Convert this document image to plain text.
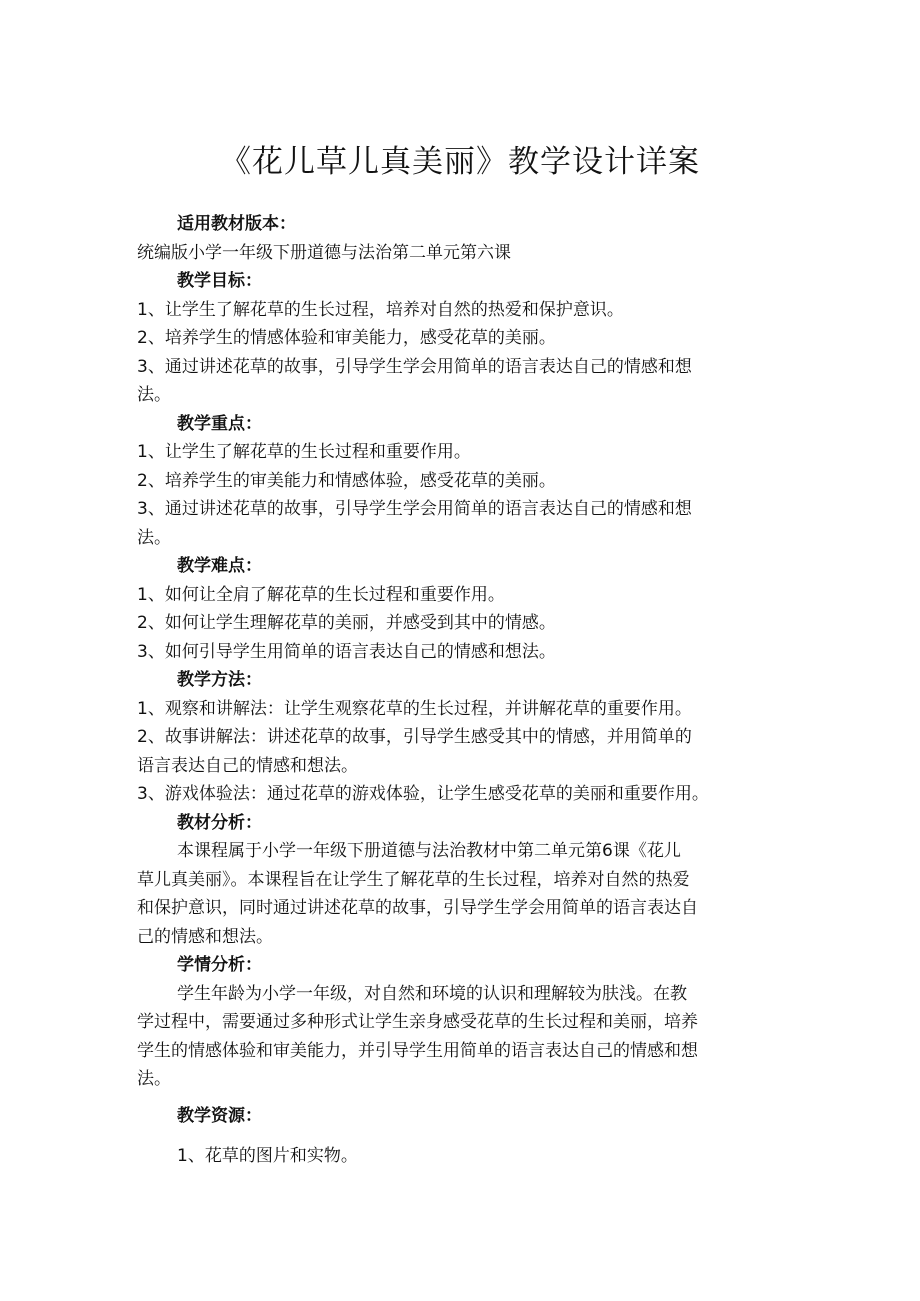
《花儿草儿真美丽》教学设计详案

适用教材版本：

统编版小学一年级下册道德与法治第二单元第六课

教学目标：

1、让学生了解花草的生长过程，培养对自然的热爱和保护意识。

2、培养学生的情感体验和审美能力，感受花草的美丽。

3、通过讲述花草的故事，引导学生学会用简单的语言表达自己的情感和想

法。

教学重点：

1、让学生了解花草的生长过程和重要作用。

2、培养学生的审美能力和情感体验，感受花草的美丽。

3、通过讲述花草的故事，引导学生学会用简单的语言表达自己的情感和想

法。

教学难点：

1、如何让全肩了解花草的生长过程和重要作用。

2、如何让学生理解花草的美丽，并感受到其中的情感。

3、如何引导学生用简单的语言表达自己的情感和想法。

教学方法：

1、观察和讲解法：让学生观察花草的生长过程，并讲解花草的重要作用。

2、故事讲解法：讲述花草的故事，引导学生感受其中的情感，并用简单的

语言表达自己的情感和想法。

3、游戏体验法：通过花草的游戏体验，让学生感受花草的美丽和重要作用。

教材分析：

本课程属于小学一年级下册道德与法治教材中第二单元第6课《花儿

草儿真美丽》。本课程旨在让学生了解花草的生长过程，培养对自然的热爱

和保护意识，同时通过讲述花草的故事，引导学生学会用简单的语言表达自

己的情感和想法。

学情分析：

学生年龄为小学一年级，对自然和环境的认识和理解较为肤浅。在教

学过程中，需要通过多种形式让学生亲身感受花草的生长过程和美丽，培养

学生的情感体验和审美能力，并引导学生用简单的语言表达自己的情感和想

法。

教学资源：

1、花草的图片和实物。
